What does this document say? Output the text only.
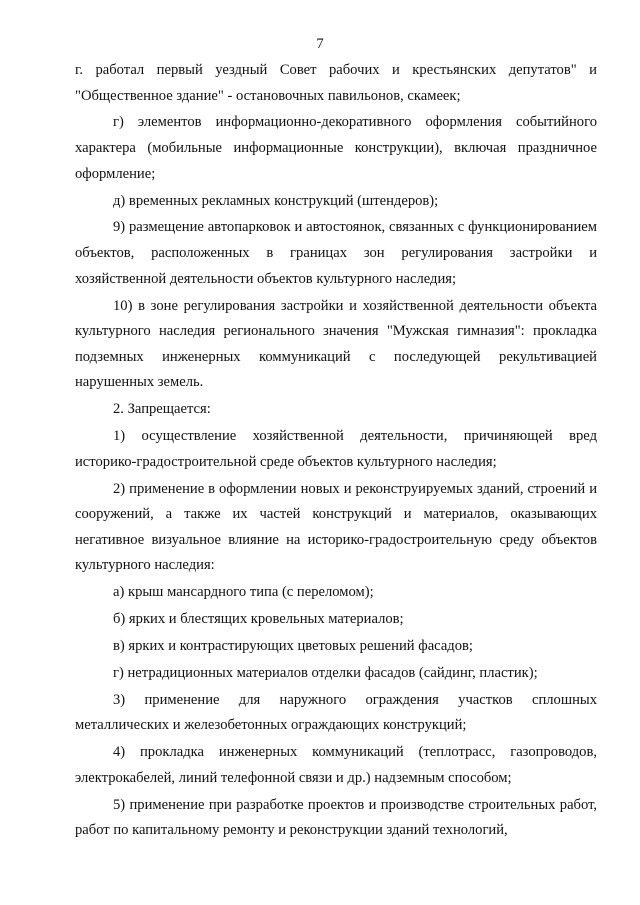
7

г. работал первый уездный Совет рабочих и крестьянских депутатов" и "Общественное здание" - остановочных павильонов, скамеек;

г) элементов информационно-декоративного оформления событийного характера (мобильные информационные конструкции), включая праздничное оформление;

д) временных рекламных конструкций (штендеров);

9) размещение автопарковок и автостоянок, связанных с функционированием объектов, расположенных в границах зон регулирования застройки и хозяйственной деятельности объектов культурного наследия;

10) в зоне регулирования застройки и хозяйственной деятельности объекта культурного наследия регионального значения "Мужская гимназия": прокладка подземных инженерных коммуникаций с последующей рекультивацией нарушенных земель.

2. Запрещается:

1) осуществление хозяйственной деятельности, причиняющей вред историко-градостроительной среде объектов культурного наследия;

2) применение в оформлении новых и реконструируемых зданий, строений и сооружений, а также их частей конструкций и материалов, оказывающих негативное визуальное влияние на историко-градостроительную среду объектов культурного наследия:

а) крыш мансардного типа (с переломом);

б) ярких и блестящих кровельных материалов;

в) ярких и контрастирующих цветовых решений фасадов;

г) нетрадиционных материалов отделки фасадов (сайдинг, пластик);

3) применение для наружного ограждения участков сплошных металлических и железобетонных ограждающих конструкций;

4) прокладка инженерных коммуникаций (теплотрасс, газопроводов, электрокабелей, линий телефонной связи и др.) надземным способом;

5) применение при разработке проектов и производстве строительных работ, работ по капитальному ремонту и реконструкции зданий технологий,
